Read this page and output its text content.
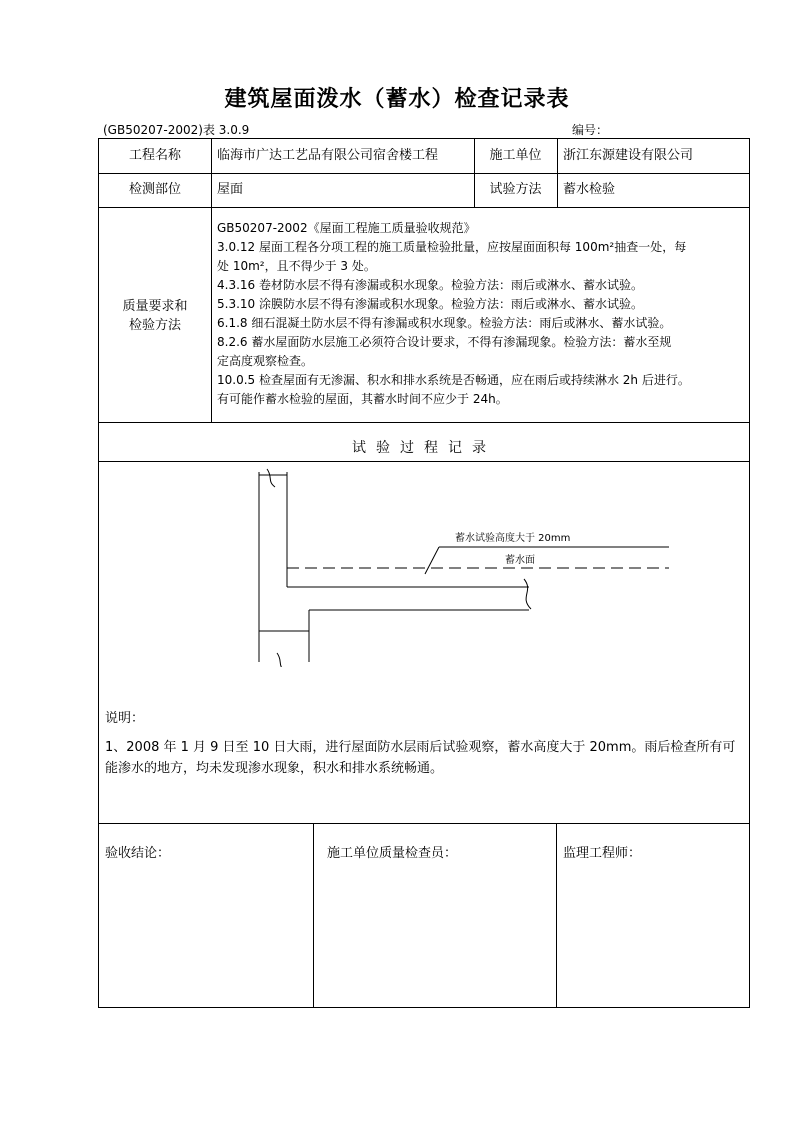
建筑屋面泼水（蓄水）检查记录表
(GB50207-2002)表 3.0.9	编号：
工程名称	临海市广达工艺品有限公司宿舍楼工程	施工单位	浙江东源建设有限公司
检测部位	屋面	试验方法	蓄水检验
质量要求和
检验方法
GB50207-2002《屋面工程施工质量验收规范》
3.0.12 屋面工程各分项工程的施工质量检验批量，应按屋面面积每 100m²抽查一处，每
处 10m²，且不得少于 3 处。
4.3.16 卷材防水层不得有渗漏或积水现象。检验方法：雨后或淋水、蓄水试验。
5.3.10 涂膜防水层不得有渗漏或积水现象。检验方法：雨后或淋水、蓄水试验。
6.1.8 细石混凝土防水层不得有渗漏或积水现象。检验方法：雨后或淋水、蓄水试验。
8.2.6 蓄水屋面防水层施工必须符合设计要求，不得有渗漏现象。检验方法：蓄水至规
定高度观察检查。
10.0.5 检查屋面有无渗漏、积水和排水系统是否畅通，应在雨后或持续淋水 2h 后进行。
有可能作蓄水检验的屋面，其蓄水时间不应少于 24h。
试验过程记录
蓄水试验高度大于 20mm
蓄水面
说明：
1、2008 年 1 月 9 日至 10 日大雨，进行屋面防水层雨后试验观察，蓄水高度大于 20mm。雨后检查所有可能渗水的地方，均未发现渗水现象，积水和排水系统畅通。
验收结论：	施工单位质量检查员：	监理工程师：
